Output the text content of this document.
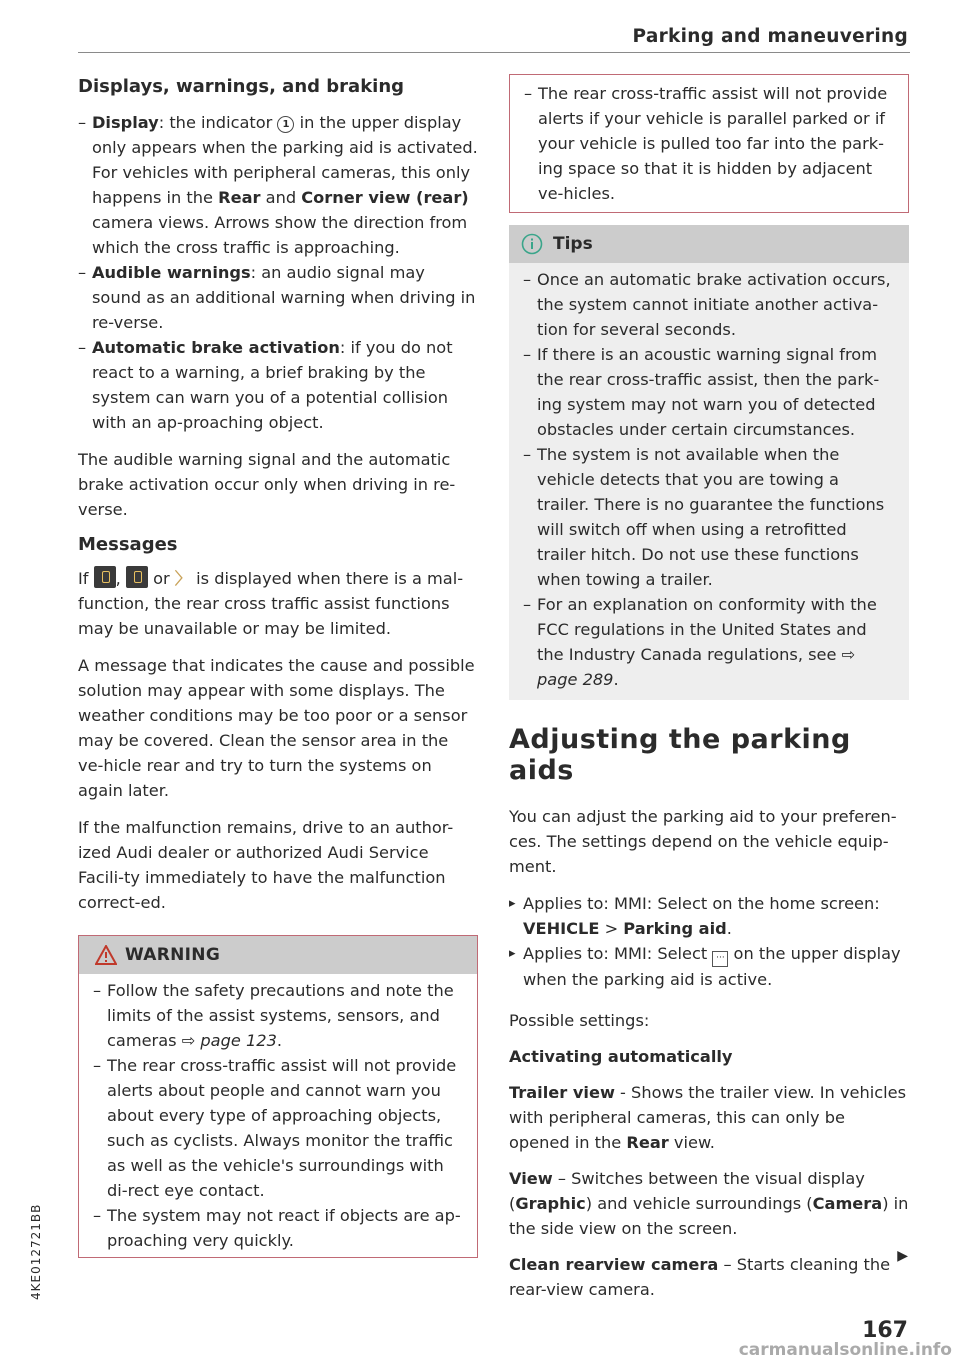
Parking and maneuvering
Displays, warnings, and braking

– Display: the indicator 1 in the upper display only appears when the parking aid is activated. For vehicles with peripheral cameras, this only happens in the Rear and Corner view (rear) camera views. Arrows show the direction from which the cross traffic is approaching.

– Audible warnings: an audio signal may sound as an additional warning when driving in re-verse.

– Automatic brake activation: if you do not react to a warning, a brief braking by the system can warn you of a potential collision with an ap-proaching object.

The audible warning signal and the automatic brake activation occur only when driving in re-verse.

Messages

If ,  or 〉 is displayed when there is a mal-function, the rear cross traffic assist functions may be unavailable or may be limited.

A message that indicates the cause and possible solution may appear with some displays. The weather conditions may be too poor or a sensor may be covered. Clean the sensor area in the ve-hicle rear and try to turn the systems on again later.

If the malfunction remains, drive to an author-ized Audi dealer or authorized Audi Service Facili-ty immediately to have the malfunction correct-ed.

WARNING

– Follow the safety precautions and note the limits of the assist systems, sensors, and cameras ⇨ page 123.

– The rear cross-traffic assist will not provide alerts about people and cannot warn you about every type of approaching objects, such as cyclists. Always monitor the traffic as well as the vehicle's surroundings with di-rect eye contact.

– The system may not react if objects are ap-proaching very quickly.

– The rear cross-traffic assist will not provide alerts if your vehicle is parallel parked or if your vehicle is pulled too far into the park-ing space so that it is hidden by adjacent ve-hicles.

Tips

– Once an automatic brake activation occurs, the system cannot initiate another activa-tion for several seconds.

– If there is an acoustic warning signal from the rear cross-traffic assist, then the park-ing system may not warn you of detected obstacles under certain circumstances.

– The system is not available when the vehicle detects that you are towing a trailer. There is no guarantee the functions will switch off when using a retrofitted trailer hitch. Do not use these functions when towing a trailer.

– For an explanation on conformity with the FCC regulations in the United States and the Industry Canada regulations, see ⇨ page 289.

Adjusting the parking aids

You can adjust the parking aid to your preferen-ces. The settings depend on the vehicle equip-ment.

▸ Applies to: MMI: Select on the home screen: VEHICLE > Parking aid.

▸ Applies to: MMI: Select ··· on the upper display when the parking aid is active.

Possible settings:

Activating automatically

Trailer view - Shows the trailer view. In vehicles with peripheral cameras, this can only be opened in the Rear view.

View – Switches between the visual display (Graphic) and vehicle surroundings (Camera) in the side view on the screen.

Clean rearview camera – Starts cleaning the rear-view camera.

▶
167
4KE012721BB
carmanualsonline.info
